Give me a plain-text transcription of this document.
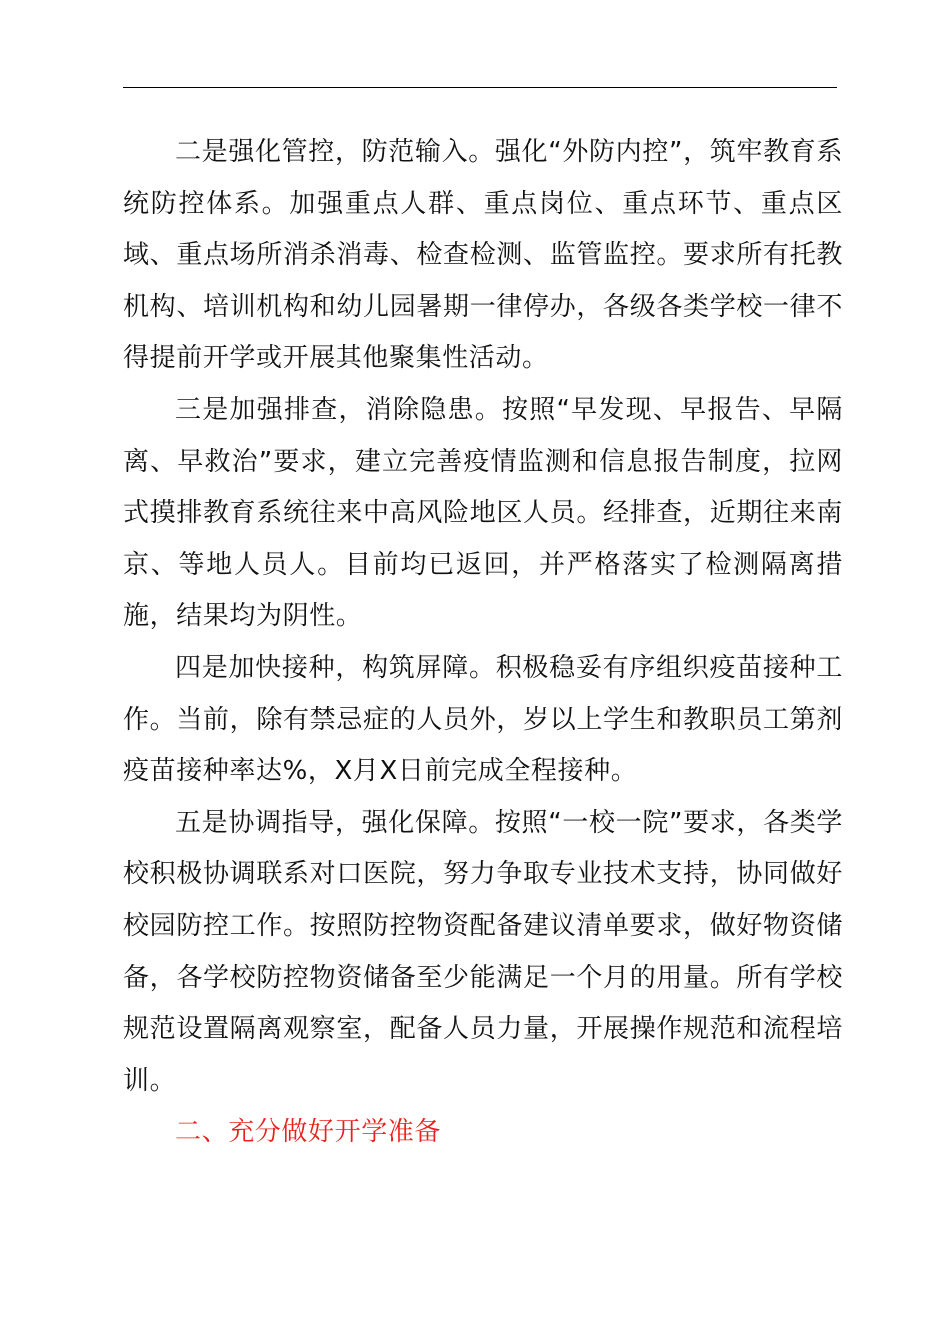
二是强化管控，防范输入。强化“外防内控”，筑牢教育系统防控体系。加强重点人群、重点岗位、重点环节、重点区域、重点场所消杀消毒、检查检测、监管监控。要求所有托教机构、培训机构和幼儿园暑期一律停办，各级各类学校一律不得提前开学或开展其他聚集性活动。

三是加强排查，消除隐患。按照“早发现、早报告、早隔离、早救治”要求，建立完善疫情监测和信息报告制度，拉网式摸排教育系统往来中高风险地区人员。经排查，近期往来南京、等地人员人。目前均已返回，并严格落实了检测隔离措施，结果均为阴性。

四是加快接种，构筑屏障。积极稳妥有序组织疫苗接种工作。当前，除有禁忌症的人员外，岁以上学生和教职员工第剂疫苗接种率达%，X月X日前完成全程接种。

五是协调指导，强化保障。按照“一校一院”要求，各类学校积极协调联系对口医院，努力争取专业技术支持，协同做好校园防控工作。按照防控物资配备建议清单要求，做好物资储备，各学校防控物资储备至少能满足一个月的用量。所有学校规范设置隔离观察室，配备人员力量，开展操作规范和流程培训。

二、充分做好开学准备
